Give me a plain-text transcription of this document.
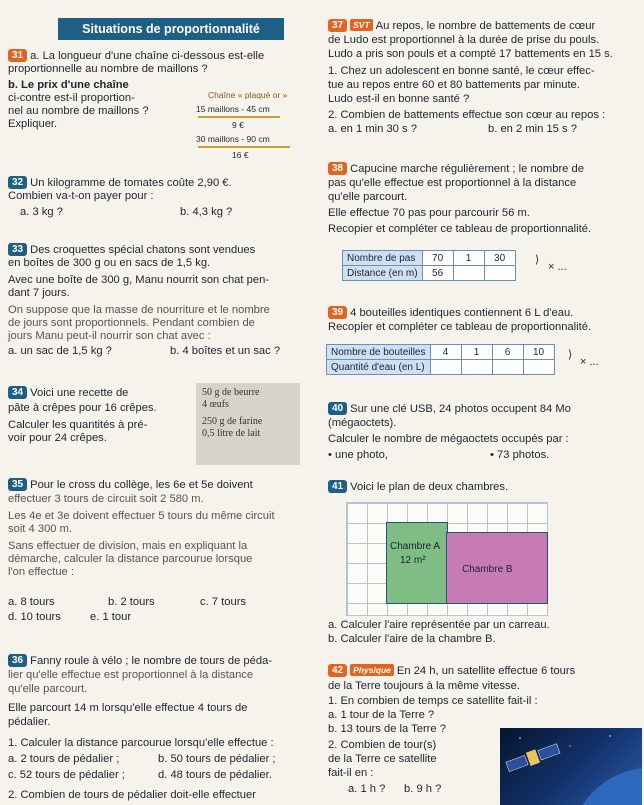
Situations de proportionnalité
31 a. La longueur d'une chaîne ci-dessous est-elle
proportionnelle au nombre de maillons ?
b. Le prix d'une chaîne
ci-contre est-il proportion-
nel au nombre de maillons ?
Expliquer.
Chaîne « plaqué or »
15 maillons - 45 cm
9 €
30 maillons - 90 cm
16 €
32 Un kilogramme de tomates coûte 2,90 €.
Combien va-t-on payer pour :
a. 3 kg ?	b. 4,3 kg ?
33 Des croquettes spécial chatons sont vendues
en boîtes de 300 g ou en sacs de 1,5 kg.
Avec une boîte de 300 g, Manu nourrit son chat pen-
dant 7 jours.
On suppose que la masse de nourriture et le nombre
de jours sont proportionnels. Pendant combien de
jours Manu peut-il nourrir son chat avec :
a. un sac de 1,5 kg ?	b. 4 boîtes et un sac ?
34 Voici une recette de
pâte à crêpes pour 16 crêpes.
Calculer les quantités à pré-
voir pour 24 crêpes.
50 g de beurre
4 œufs
250 g de farine
0,5 litre de lait
35 Pour le cross du collège, les 6e et 5e doivent
effectuer 3 tours de circuit soit 2 580 m.
Les 4e et 3e doivent effectuer 5 tours du même circuit
soit 4 300 m.
Sans effectuer de division, mais en expliquant la
démarche, calculer la distance parcourue lorsque
l'on effectue :
a. 8 tours	b. 2 tours	c. 7 tours
d. 10 tours	e. 1 tour
36 Fanny roule à vélo ; le nombre de tours de péda-
lier qu'elle effectue est proportionnel à la distance
qu'elle parcourt.
Elle parcourt 14 m lorsqu'elle effectue 4 tours de
pédalier.
1. Calculer la distance parcourue lorsqu'elle effectue :
a. 2 tours de pédalier ;	b. 50 tours de pédalier ;
c. 52 tours de pédalier ;	d. 48 tours de pédalier.
2. Combien de tours de pédalier doit-elle effectuer
37 SVT Au repos, le nombre de battements de cœur
de Ludo est proportionnel à la durée de prise du pouls.
Ludo a pris son pouls et a compté 17 battements en 15 s.
1. Chez un adolescent en bonne santé, le cœur effec-
tue au repos entre 60 et 80 battements par minute.
Ludo est-il en bonne santé ?
2. Combien de battements effectue son cœur au repos :
a. en 1 min 30 s ?	b. en 2 min 15 s ?
38 Capucine marche régulièrement ; le nombre de
pas qu'elle effectue est proportionnel à la distance
qu'elle parcourt.
Elle effectue 70 pas pour parcourir 56 m.
Recopier et compléter ce tableau de proportionnalité.
Nombre de pas	70	1	30
Distance (en m)	56		
⟩
× ...
39 4 bouteilles identiques contiennent 6 L d'eau.
Recopier et compléter ce tableau de proportionnalité.
Nombre de bouteilles	4	1	6	10
Quantité d'eau (en L)				
⟩
× ...
40 Sur une clé USB, 24 photos occupent 84 Mo
(mégaoctets).
Calculer le nombre de mégaoctets occupés par :
• une photo,	• 73 photos.
41 Voici le plan de deux chambres.
Chambre A
12 m²
Chambre B
a. Calculer l'aire représentée par un carreau.
b. Calculer l'aire de la chambre B.
42 Physique En 24 h, un satellite effectue 6 tours
de la Terre toujours à la même vitesse.
1. En combien de temps ce satellite fait-il :
a. 1 tour de la Terre ?
b. 13 tours de la Terre ?
2. Combien de tour(s)
de la Terre ce satellite
fait-il en :
a. 1 h ? b. 9 h ?
